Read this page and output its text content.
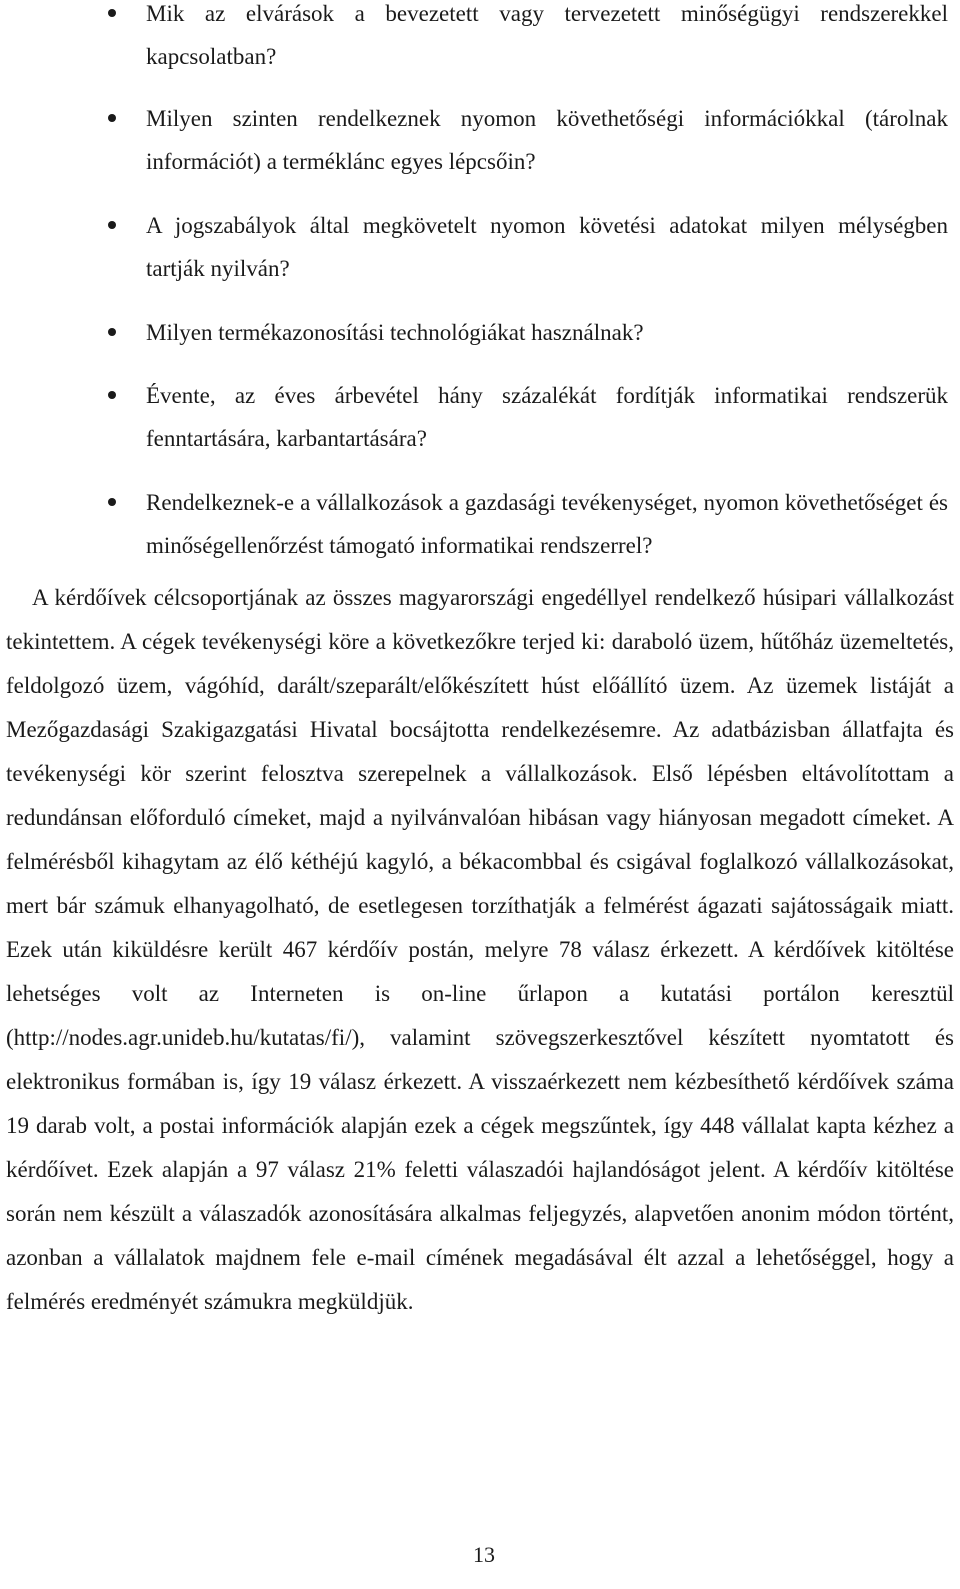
Mik az elvárások a bevezetett vagy tervezetett minőségügyi rendszerekkel kapcsolatban?
Milyen szinten rendelkeznek nyomon követhetőségi információkkal (tárolnak információt) a terméklánc egyes lépcsőin?
A jogszabályok által megkövetelt nyomon követési adatokat milyen mélységben tartják nyilván?
Milyen termékazonosítási technológiákat használnak?
Évente, az éves árbevétel hány százalékát fordítják informatikai rendszerük fenntartására, karbantartására?
Rendelkeznek-e a vállalkozások a gazdasági tevékenységet, nyomon követhetőséget és minőségellenőrzést támogató informatikai rendszerrel?

A kérdőívek célcsoportjának az összes magyarországi engedéllyel rendelkező húsipari vállalkozást tekintettem. A cégek tevékenységi köre a következőkre terjed ki: daraboló üzem, hűtőház üzemeltetés, feldolgozó üzem, vágóhíd, darált/szeparált/előkészített húst előállító üzem. Az üzemek listáját a Mezőgazdasági Szakigazgatási Hivatal bocsájtotta rendelkezésemre. Az adatbázisban állatfajta és tevékenységi kör szerint felosztva szerepelnek a vállalkozások. Első lépésben eltávolítottam a redundánsan előforduló címeket, majd a nyilvánvalóan hibásan vagy hiányosan megadott címeket. A felmérésből kihagytam az élő kéthéjú kagyló, a békacombbal és csigával foglalkozó vállalkozásokat, mert bár számuk elhanyagolható, de esetlegesen torzíthatják a felmérést ágazati sajátosságaik miatt. Ezek után kiküldésre került 467 kérdőív postán, melyre 78 válasz érkezett. A kérdőívek kitöltése lehetséges volt az Interneten is on-line űrlapon a kutatási portálon keresztül (http://nodes.agr.unideb.hu/kutatas/fi/), valamint szövegszerkesztővel készített nyomtatott és elektronikus formában is, így 19 válasz érkezett. A visszaérkezett nem kézbesíthető kérdőívek száma 19 darab volt, a postai információk alapján ezek a cégek megszűntek, így 448 vállalat kapta kézhez a kérdőívet. Ezek alapján a 97 válasz 21% feletti válaszadói hajlandóságot jelent. A kérdőív kitöltése során nem készült a válaszadók azonosítására alkalmas feljegyzés, alapvetően anonim módon történt, azonban a vállalatok majdnem fele e-mail címének megadásával élt azzal a lehetőséggel, hogy a felmérés eredményét számukra megküldjük.

13
